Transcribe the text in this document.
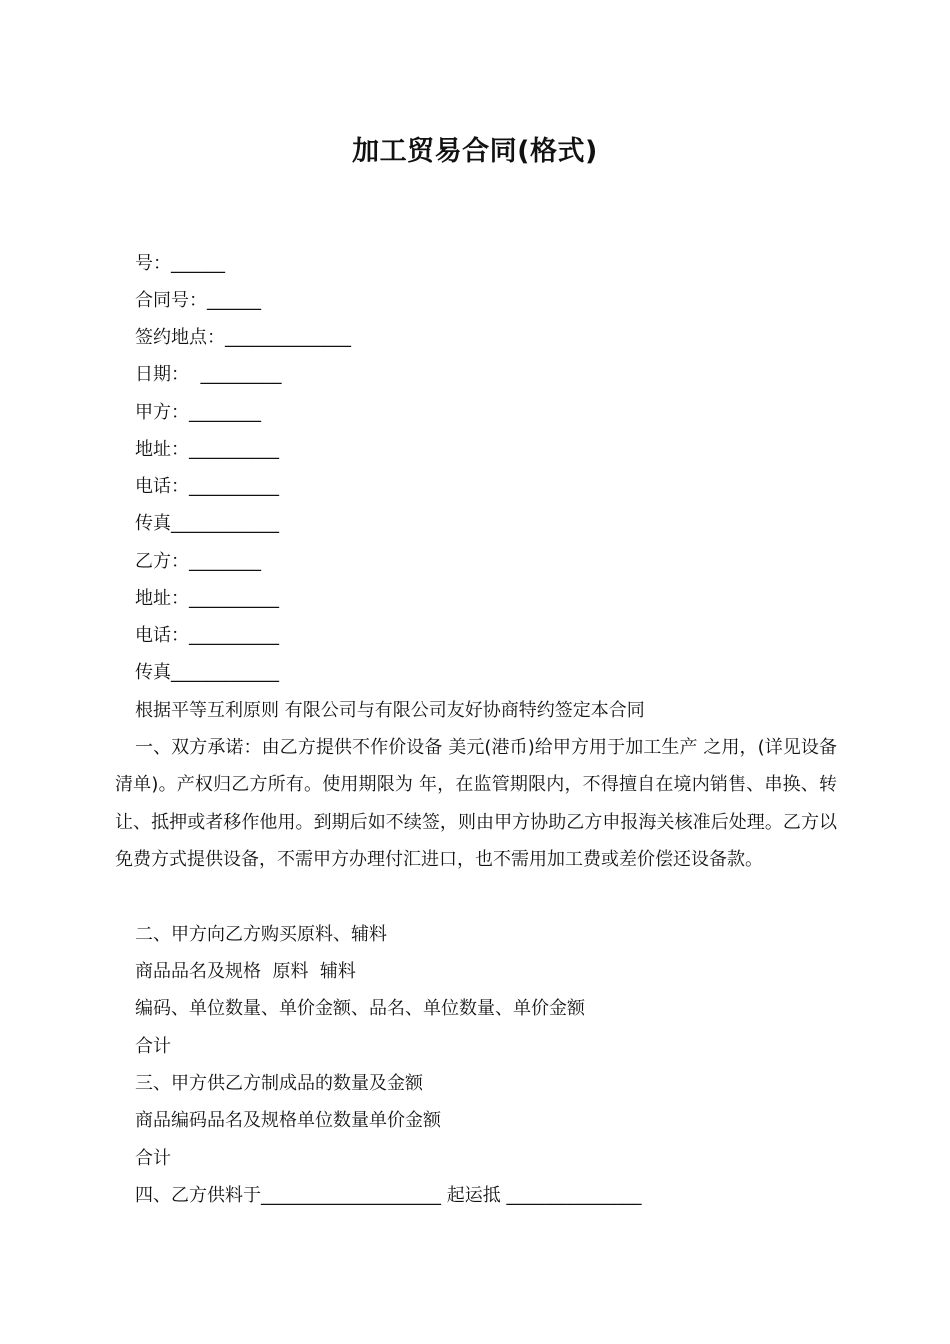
加工贸易合同(格式)
号：______
合同号：______
签约地点：______________
日期：  _________
甲方：________
地址：__________
电话：__________
传真____________
乙方：________
地址：__________
电话：__________
传真____________
根据平等互利原则 有限公司与有限公司友好协商特约签定本合同
一、双方承诺：由乙方提供不作价设备 美元(港币)给甲方用于加工生产 之用，(详见设备清单)。产权归乙方所有。使用期限为 年，在监管期限内，不得擅自在境内销售、串换、转让、抵押或者移作他用。到期后如不续签，则由甲方协助乙方申报海关核准后处理。乙方以免费方式提供设备，不需甲方办理付汇进口，也不需用加工费或差价偿还设备款。
二、甲方向乙方购买原料、辅料
商品品名及规格  原料  辅料
编码、单位数量、单价金额、品名、单位数量、单价金额
合计
三、甲方供乙方制成品的数量及金额
商品编码品名及规格单位数量单价金额
合计
四、乙方供料于____________________ 起运抵 _______________
